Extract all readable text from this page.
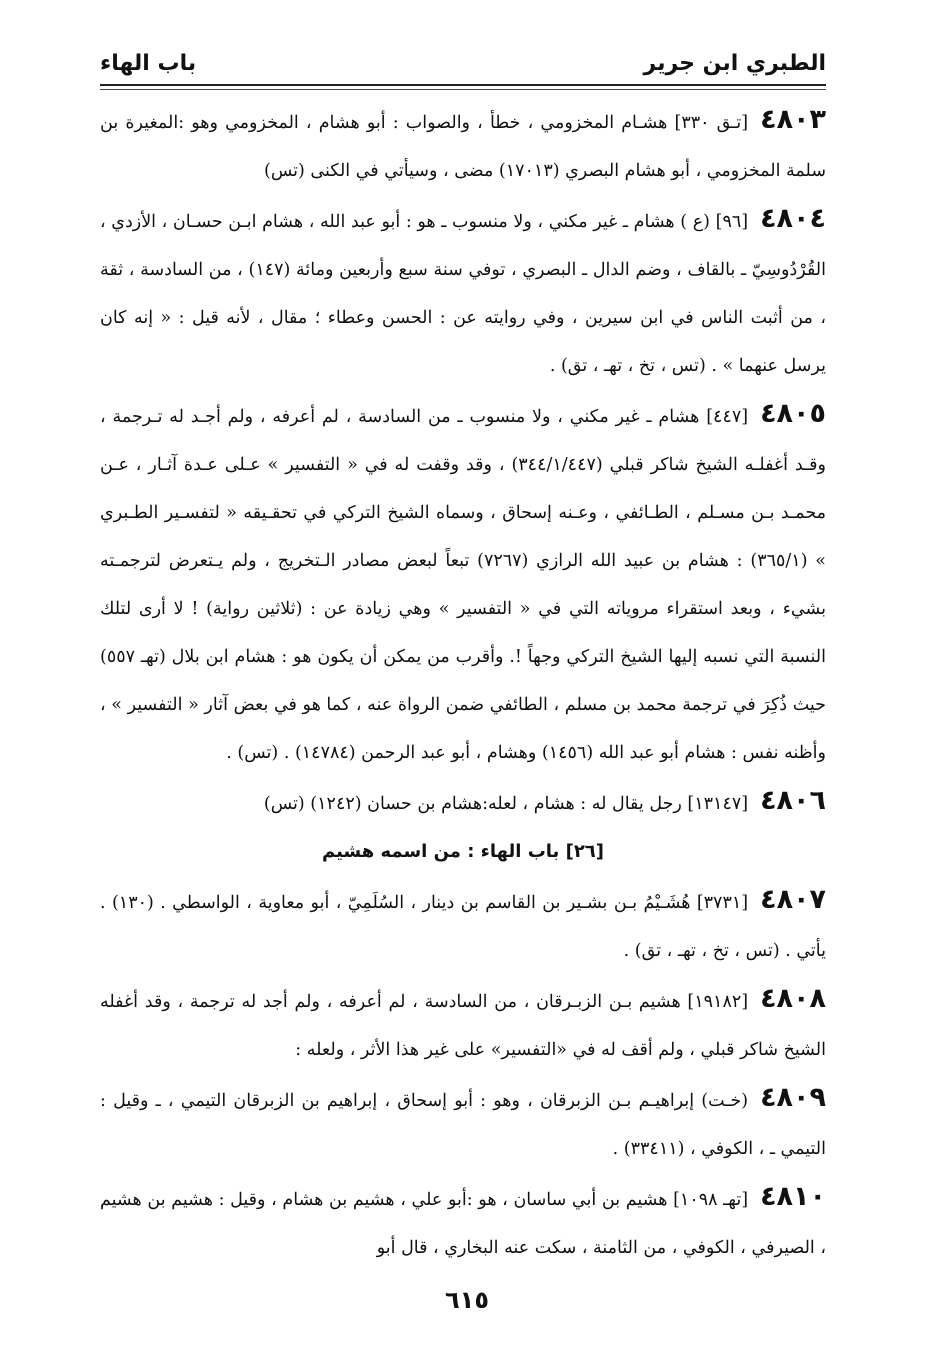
الطبري ابن جرير
باب الهاء

٤٨٠٣[تـق ٣٣٠] هشـام المخزومي ، خطأ ، والصواب : أبو هشام ، المخزومي وهو :المغيرة بن سلمة المخزومي ، أبو هشام البصري (١٧٠١٣) مضى ، وسيأتي في الكنى (تس)

٤٨٠٤[٩٦] (ع ) هشام ـ غير مكني ، ولا منسوب ـ هو : أبو عبد الله ، هشام ابـن حسـان ، الأزدي ، القُرْدُوسِيّ ـ بالقاف ، وضم الدال ـ البصري ، توفي سنة سبع وأربعين ومائة (١٤٧) ، من السادسة ، ثقة ، من أثبت الناس في ابن سيرين ، وفي روايته عن : الحسن وعطاء ؛ مقال ، لأنه قيل : « إنه كان يرسل عنهما » . (تس ، تخ ، تهـ ، تق) .

٤٨٠٥[٤٤٧] هشام ـ غير مكني ، ولا منسوب ـ من السادسة ، لم أعرفه ، ولم أجـد له تـرجمة ، وقـد أغفلـه الشيخ شاكر قبلي (٣٤٤/١/٤٤٧) ، وقد وقفت له في « التفسير » عـلى عـدة آثـار ، عـن محمـد بـن مسـلم ، الطـائفي ، وعـنه إسحاق ، وسماه الشيخ التركي في تحقـيقه « لتفسـير الطـبري » (٣٦٥/١) : هشام بن عبيد الله الرازي (٧٢٦٧) تبعاً لبعض مصادر الـتخريج ، ولم يـتعرض لترجمـته بشيء ، وبعد استقراء مروياته التي في « التفسير » وهي زيادة عن : (ثلاثين رواية) ! لا أرى لتلك النسبة التي نسبه إليها الشيخ التركي وجهاً !. وأقرب من يمكن أن يكون هو : هشام ابن بلال (تهـ ٥٥٧) حيث ذُكِرَ في ترجمة محمد بن مسلم ، الطائفي ضمن الرواة عنه ، كما هو في بعض آثار « التفسير » ، وأظنه نفس : هشام أبو عبد الله (١٤٥٦) وهشام ، أبو عبد الرحمن (١٤٧٨٤) . (تس) .

٤٨٠٦[١٣١٤٧] رجل يقال له : هشام ، لعله:هشام بن حسان (١٢٤٢) (تس)

[٢٦] باب الهاء : من اسمه هشيم

٤٨٠٧[٣٧٣١] هُشَـيْمُ بـن بشـير بن القاسم بن دينار ، السُلَمِيّ ، أبو معاوية ، الواسطي . (١٣٠) . يأتي . (تس ، تخ ، تهـ ، تق) .

٤٨٠٨[١٩١٨٢] هشيم بـن الزبـرقان ، من السادسة ، لم أعرفه ، ولم أجد له ترجمة ، وقد أغفله الشيخ شاكر قبلي ، ولم أقف له في «التفسير» على غير هذا الأثر ، ولعله :

٤٨٠٩(خـت) إبراهيـم بـن الزبرقان ، وهو : أبو إسحاق ، إبراهيم بن الزبرقان التيمي ، ـ وقيل : التيمي ـ ، الكوفي ، (٣٣٤١١) .

٤٨١٠[تهـ ١٠٩٨] هشيم بن أبي ساسان ، هو :أبو علي ، هشيم بن هشام ، وقيل : هشيم بن هشيم ، الصيرفي ، الكوفي ، من الثامنة ، سكت عنه البخاري ، قال أبو

٦١٥
